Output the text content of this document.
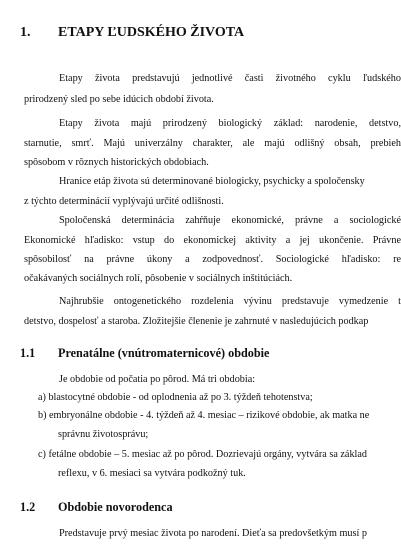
1. ETAPY ĽUDSKÉHO ŽIVOTA
Etapy života predstavujú jednotlivé časti životného cyklu ľudského
prirodzený sled po sebe idúcich období života.
Etapy života majú prirodzený biologický základ: narodenie, detstvo,
starnutie, smrť. Majú univerzálny charakter, ale majú odlišný obsah, prebieh
spôsobom v rôznych historických obdobiach.
Hranice etáp života sú determinované biologicky, psychicky a spoločensky
z týchto determinácií vyplývajú určité odlišnosti.
Spoločenská determinácia zahŕňuje ekonomické, právne a sociologické
Ekonomické hľadisko: vstup do ekonomickej aktivity a jej ukončenie. Právne
spôsobilosť na právne úkony a zodpovednosť. Sociologické hľadisko: re
očakávaných sociálnych rolí, pôsobenie v sociálnych inštitúciách.
Najhrubšie ontogenetického rozdelenia vývinu predstavuje vymedzenie t
detstvo, dospelosť a staroba. Zložitejšie členenie je zahrnuté v nasledujúcich podkap
1.1 Prenatálne (vnútromaternicové) obdobie
Je obdobie od počatia po pôrod. Má tri obdobia:
a) blastocytné obdobie - od oplodnenia až po 3. týždeň tehotenstva;
b) embryonálne obdobie - 4. týždeň až 4. mesiac – rizikové obdobie, ak matka ne
správnu životosprávu;
c) fetálne obdobie – 5. mesiac až po pôrod. Dozrievajú orgány, vytvára sa základ
reflexu, v 6. mesiaci sa vytvára podkožný tuk.
1.2 Obdobie novorodenca
Predstavuje prvý mesiac života po narodení. Dieťa sa predovšetkým musí p
